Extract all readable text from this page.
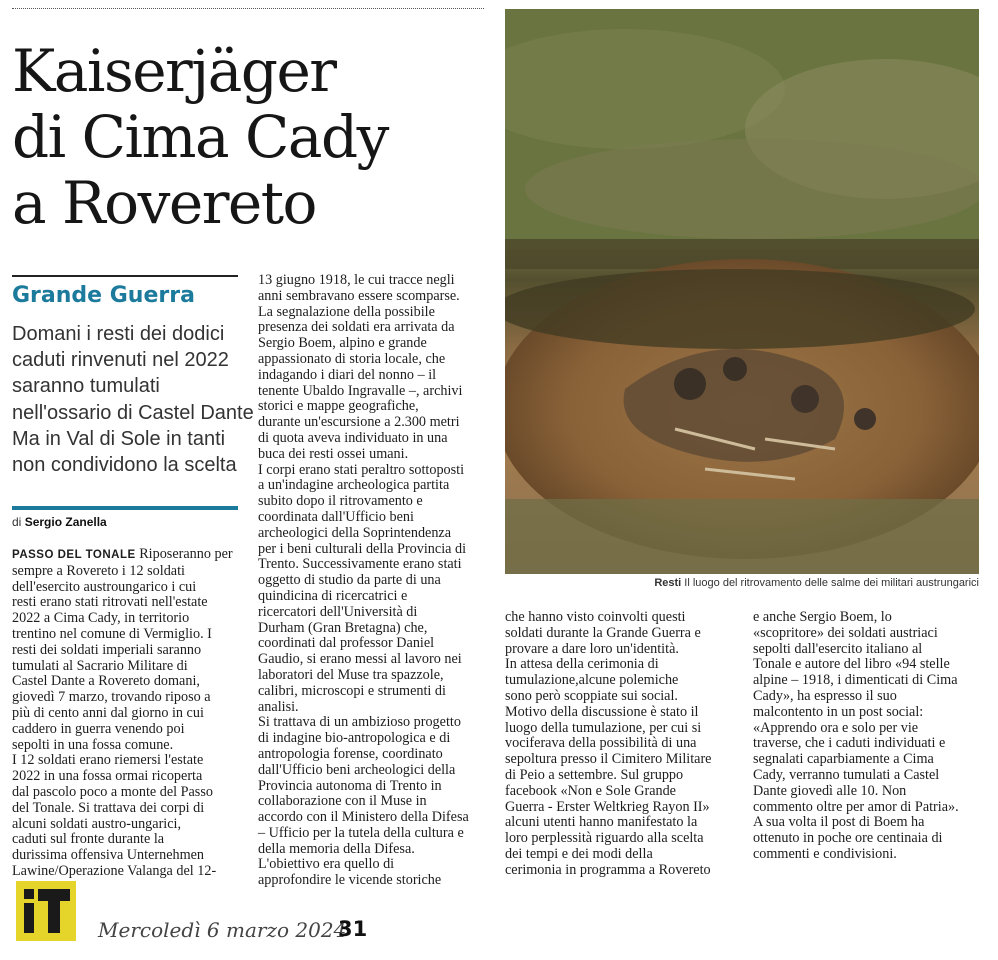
Kaiserjäger
di Cima Cady
a Rovereto
Grande Guerra

Domani i resti dei dodici
caduti rinvenuti nel 2022
saranno tumulati
nell'ossario di Castel Dante
Ma in Val di Sole in tanti
non condividono la scelta

di Sergio Zanella

PASSO DEL TONALE Riposeranno per
sempre a Rovereto i 12 soldati
dell'esercito austroungarico i cui
resti erano stati ritrovati nell'estate
2022 a Cima Cady, in territorio
trentino nel comune di Vermiglio. I
resti dei soldati imperiali saranno
tumulati al Sacrario Militare di
Castel Dante a Rovereto domani,
giovedì 7 marzo, trovando riposo a
più di cento anni dal giorno in cui
caddero in guerra venendo poi
sepolti in una fossa comune.
I 12 soldati erano riemersi l'estate
2022 in una fossa ormai ricoperta
dal pascolo poco a monte del Passo
del Tonale. Si trattava dei corpi di
alcuni soldati austro-ungarici,
caduti sul fronte durante la
durissima offensiva Unternehmen
Lawine/Operazione Valanga del 12-
13 giugno 1918, le cui tracce negli
anni sembravano essere scomparse.
La segnalazione della possibile
presenza dei soldati era arrivata da
Sergio Boem, alpino e grande
appassionato di storia locale, che
indagando i diari del nonno – il
tenente Ubaldo Ingravalle –, archivi
storici e mappe geografiche,
durante un'escursione a 2.300 metri
di quota aveva individuato in una
buca dei resti ossei umani.
I corpi erano stati peraltro sottoposti
a un'indagine archeologica partita
subito dopo il ritrovamento e
coordinata dall'Ufficio beni
archeologici della Soprintendenza
per i beni culturali della Provincia di
Trento. Successivamente erano stati
oggetto di studio da parte di una
quindicina di ricercatrici e
ricercatori dell'Università di
Durham (Gran Bretagna) che,
coordinati dal professor Daniel
Gaudio, si erano messi al lavoro nei
laboratori del Muse tra spazzole,
calibri, microscopi e strumenti di
analisi.
Si trattava di un ambizioso progetto
di indagine bio-antropologica e di
antropologia forense, coordinato
dall'Ufficio beni archeologici della
Provincia autonoma di Trento in
collaborazione con il Muse in
accordo con il Ministero della Difesa
– Ufficio per la tutela della cultura e
della memoria della Difesa.
L'obiettivo era quello di
approfondire le vicende storiche

Resti Il luogo del ritrovamento delle salme dei militari austrungarici

che hanno visto coinvolti questi
soldati durante la Grande Guerra e
provare a dare loro un'identità.
In attesa della cerimonia di
tumulazione,alcune polemiche
sono però scoppiate sui social.
Motivo della discussione è stato il
luogo della tumulazione, per cui si
vociferava della possibilità di una
sepoltura presso il Cimitero Militare
di Peio a settembre. Sul gruppo
facebook «Non e Sole Grande
Guerra - Erster Weltkrieg Rayon II»
alcuni utenti hanno manifestato la
loro perplessità riguardo alla scelta
dei tempi e dei modi della
cerimonia in programma a Rovereto
e anche Sergio Boem, lo
«scopritore» dei soldati austriaci
sepolti dall'esercito italiano al
Tonale e autore del libro «94 stelle
alpine – 1918, i dimenticati di Cima
Cady», ha espresso il suo
malcontento in un post social:
«Apprendo ora e solo per vie
traverse, che i caduti individuati e
segnalati caparbiamente a Cima
Cady, verranno tumulati a Castel
Dante giovedì alle 10. Non
commento oltre per amor di Patria».
A sua volta il post di Boem ha
ottenuto in poche ore centinaia di
commenti e condivisioni.

Mercoledì 6 marzo 2024

31
